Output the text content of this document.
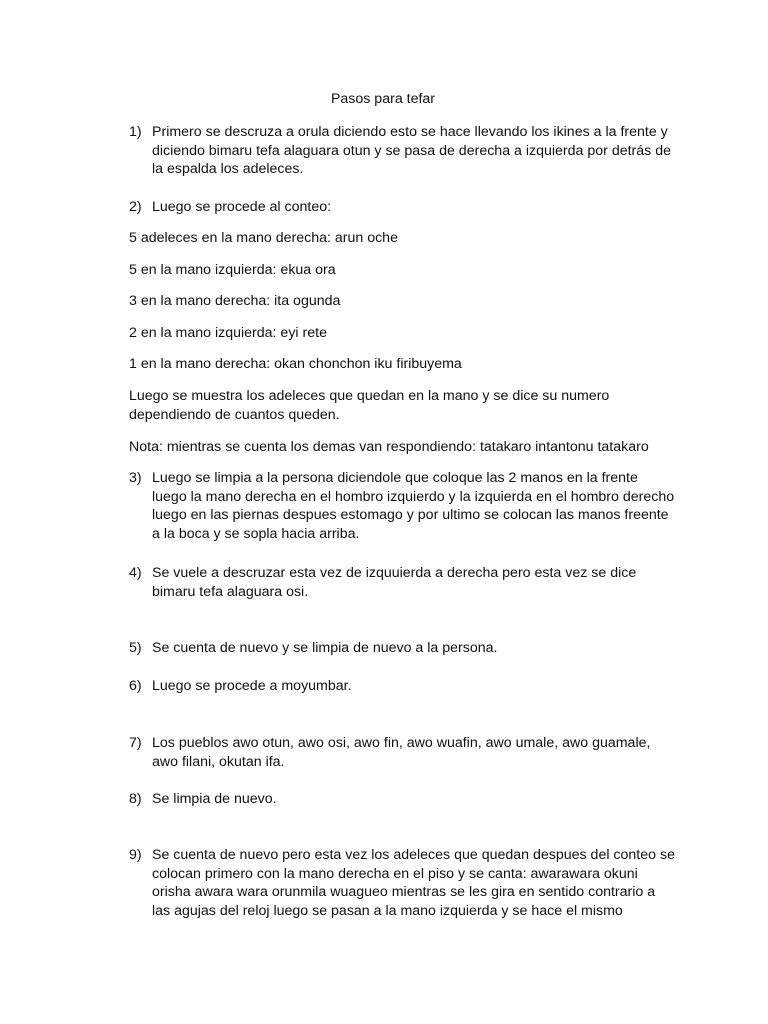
Pasos para tefar
1) Primero se descruza a orula diciendo esto se hace llevando los ikines a la frente y
diciendo bimaru tefa alaguara otun y se pasa de derecha a izquierda por detrás de
la espalda los adeleces.
2) Luego se procede al conteo:
5 adeleces en la mano derecha: arun oche
5 en la mano izquierda: ekua ora
3 en la mano derecha: ita ogunda
2 en la mano izquierda: eyi rete
1 en la mano derecha: okan chonchon iku firibuyema
Luego se muestra los adeleces que quedan en la mano y se dice su numero
dependiendo de cuantos queden.
Nota: mientras se cuenta los demas van respondiendo: tatakaro intantonu tatakaro
3) Luego se limpia a la persona diciendole que coloque las 2 manos en la frente
luego la mano derecha en el hombro izquierdo y la izquierda en el hombro derecho
luego en las piernas despues estomago y por ultimo se colocan las manos freente
a la boca y se sopla hacia arriba.
4) Se vuele a descruzar esta vez de izquuierda a derecha pero esta vez se dice
bimaru tefa alaguara osi.
5) Se cuenta de nuevo y se limpia de nuevo a la persona.
6) Luego se procede a moyumbar.
7) Los pueblos awo otun, awo osi, awo fin, awo wuafin, awo umale, awo guamale,
awo filani, okutan ifa.
8) Se limpia de nuevo.
9) Se cuenta de nuevo pero esta vez los adeleces que quedan despues del conteo se
colocan primero con la mano derecha en el piso y se canta: awarawara okuni
orisha awara wara orunmila wuagueo mientras se les gira en sentido contrario a
las agujas del reloj luego se pasan a la mano izquierda y se hace el mismo
